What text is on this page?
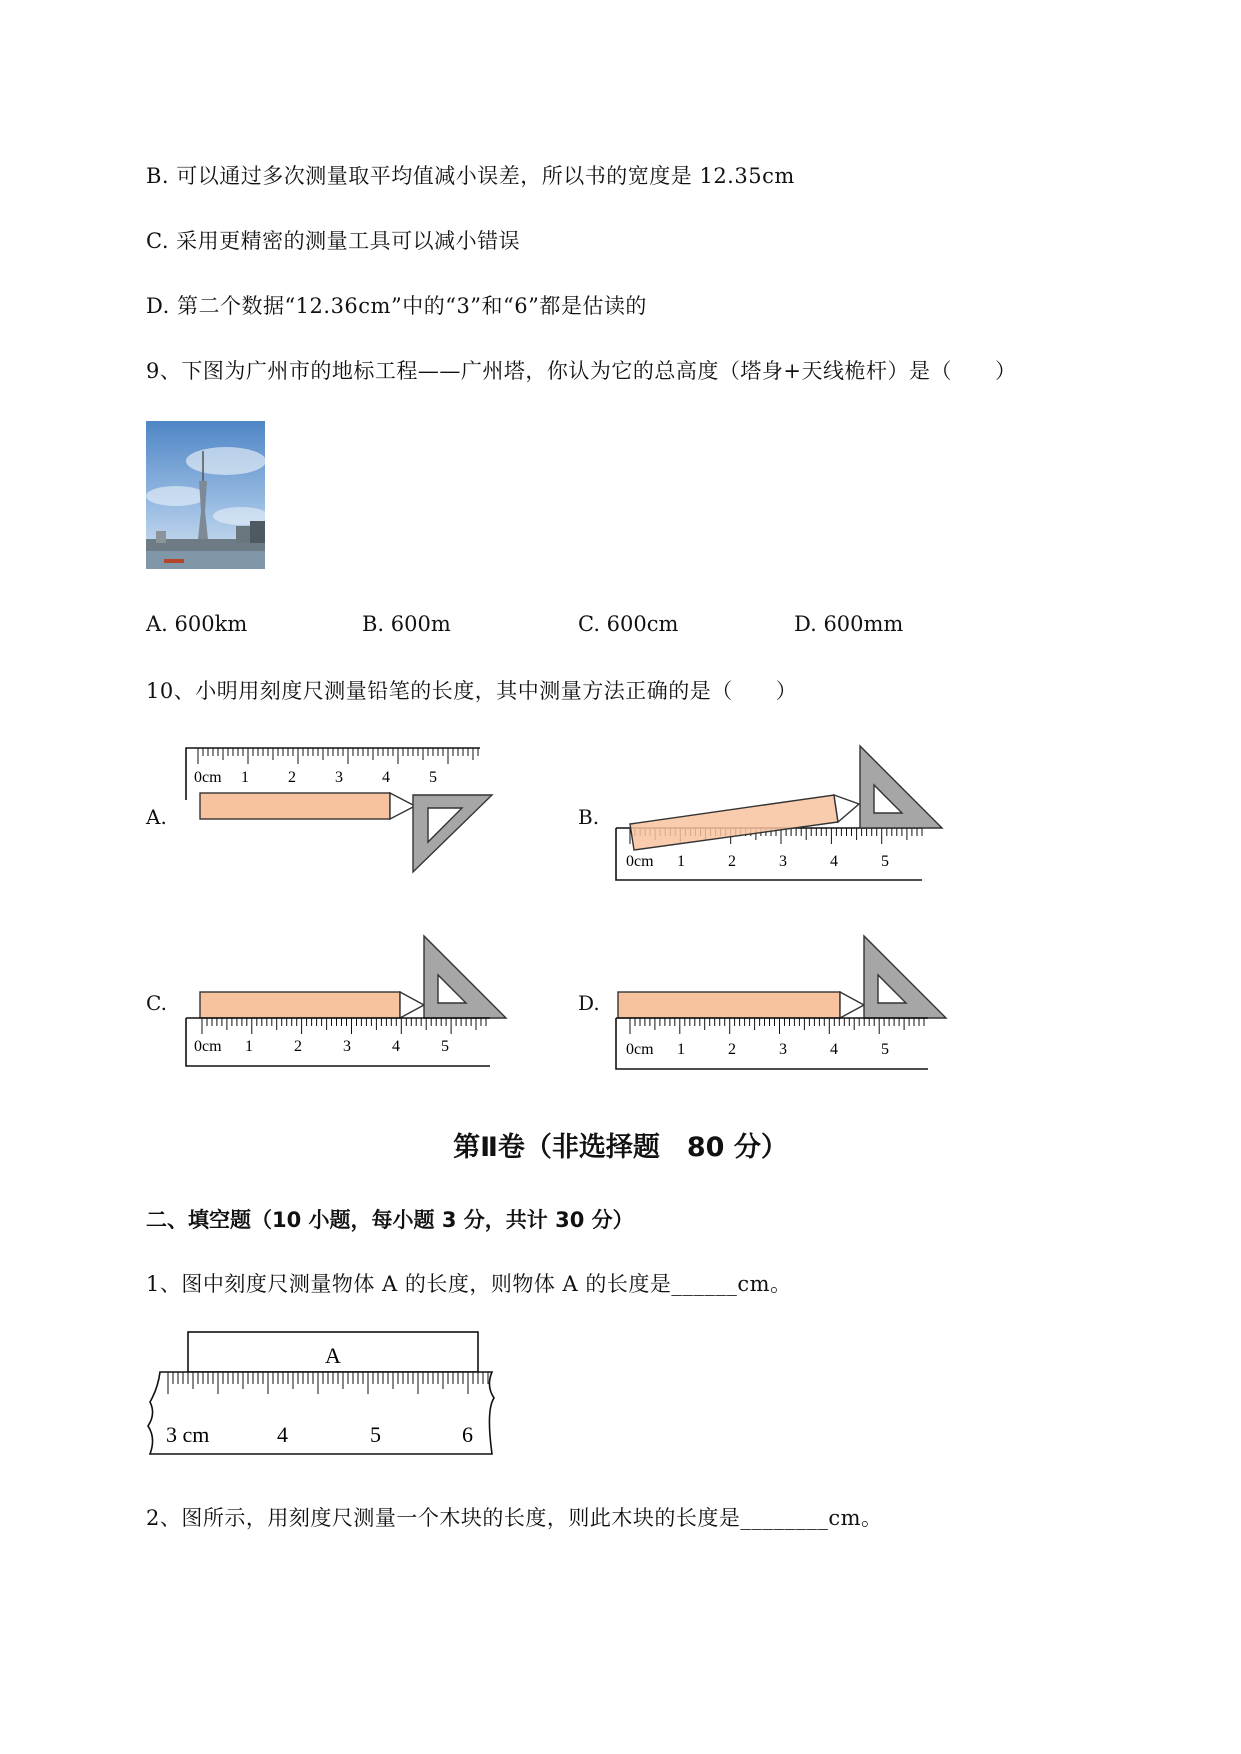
B. 可以通过多次测量取平均值减小误差，所以书的宽度是 12.35cm
C. 采用更精密的测量工具可以减小错误
D. 第二个数据“12.36cm”中的“3”和“6”都是估读的
9、下图为广州市的地标工程——广州塔，你认为它的总高度（塔身+天线桅杆）是（　　）
A. 600km	B. 600m	C. 600cm	D. 600mm
10、小明用刻度尺测量铅笔的长度，其中测量方法正确的是（　　）
A.	B.
C.	D.
0cm 1 2 3 4 5
0cm 1	2	3	4	5
0cm 1	2	3	4	5	0cm 1	2	3	4	5
第Ⅱ卷（非选择题　80 分）
二、填空题（10 小题，每小题 3 分，共计 30 分）
1、图中刻度尺测量物体 A 的长度，则物体 A 的长度是______cm。
A
3 cm	4	5	6
2、图所示，用刻度尺测量一个木块的长度，则此木块的长度是________cm。
